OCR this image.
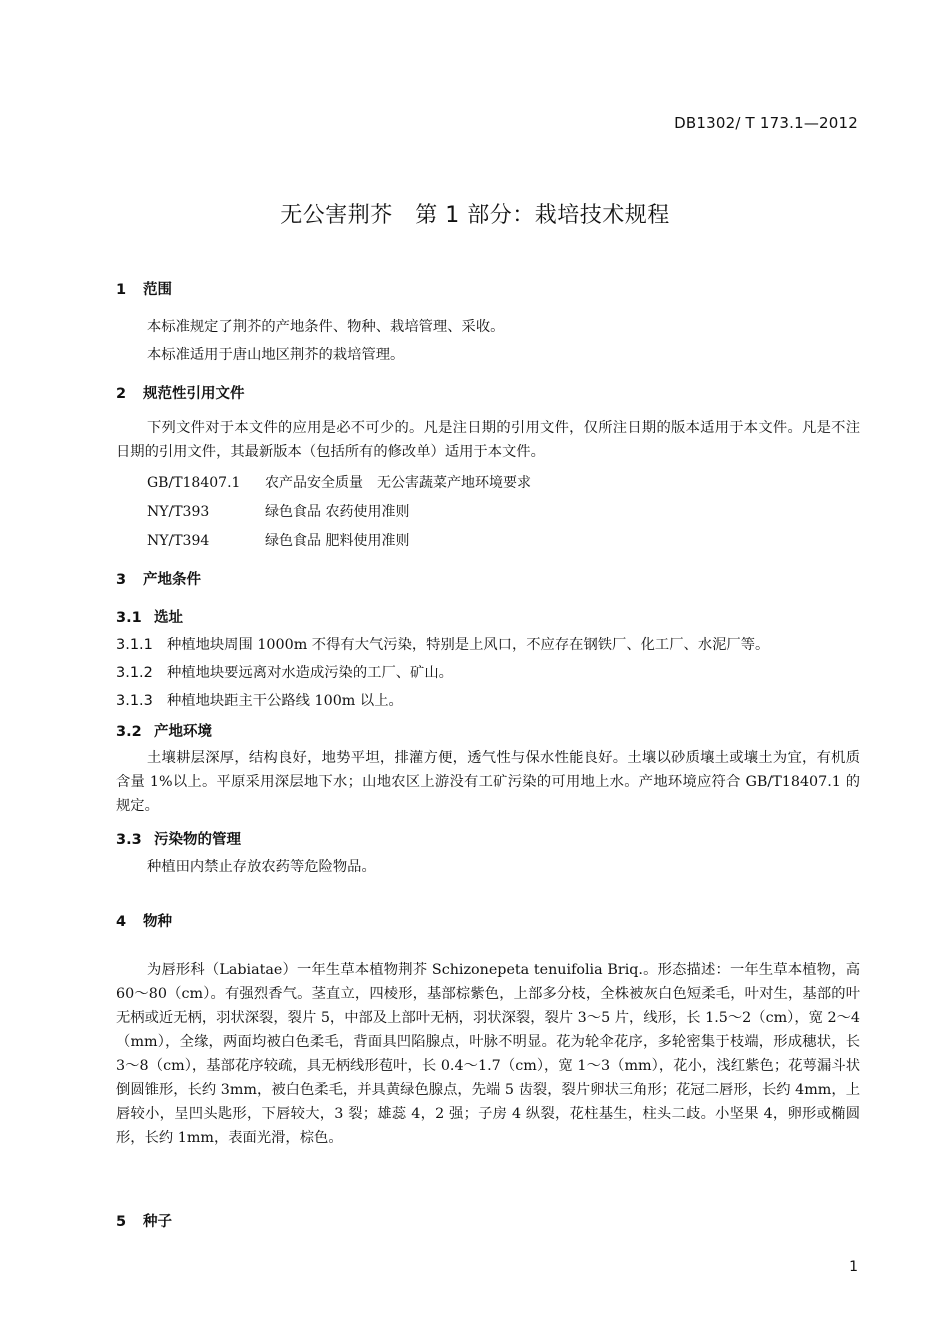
DB1302/ T 173.1—2012
无公害荆芥　第 1 部分：栽培技术规程
1 范围
本标准规定了荆芥的产地条件、物种、栽培管理、采收。
本标准适用于唐山地区荆芥的栽培管理。
2 规范性引用文件
下列文件对于本文件的应用是必不可少的。凡是注日期的引用文件，仅所注日期的版本适用于本文件。凡是不注日期的引用文件，其最新版本（包括所有的修改单）适用于本文件。
GB/T18407.1 农产品安全质量　无公害蔬菜产地环境要求
NY/T393	绿色食品 农药使用准则
NY/T394	绿色食品 肥料使用准则
3 产地条件
3.1 选址
3.1.1 种植地块周围 1000m 不得有大气污染，特别是上风口，不应存在钢铁厂、化工厂、水泥厂等。
3.1.2 种植地块要远离对水造成污染的工厂、矿山。
3.1.3 种植地块距主干公路线 100m 以上。
3.2 产地环境
土壤耕层深厚，结构良好，地势平坦，排灌方便，透气性与保水性能良好。土壤以砂质壤土或壤土为宜，有机质含量 1%以上。平原采用深层地下水；山地农区上游没有工矿污染的可用地上水。产地环境应符合 GB/T18407.1 的规定。
3.3 污染物的管理
种植田内禁止存放农药等危险物品。
4 物种
为唇形科（Labiatae）一年生草本植物荆芥 Schizonepeta tenuifolia Briq.。形态描述：一年生草本植物，高 60～80（cm）。有强烈香气。茎直立，四棱形，基部棕紫色，上部多分枝，全株被灰白色短柔毛，叶对生，基部的叶无柄或近无柄，羽状深裂，裂片 5，中部及上部叶无柄，羽状深裂，裂片 3～5 片，线形，长 1.5～2（cm），宽 2～4（mm），全缘，两面均被白色柔毛，背面具凹陷腺点，叶脉不明显。花为轮伞花序，多轮密集于枝端，形成穗状，长 3～8（cm），基部花序较疏，具无柄线形苞叶，长 0.4～1.7（cm），宽 1～3（mm），花小，浅红紫色；花萼漏斗状倒圆锥形，长约 3mm，被白色柔毛，并具黄绿色腺点，先端 5 齿裂，裂片卵状三角形；花冠二唇形，长约 4mm，上唇较小，呈凹头匙形，下唇较大，3 裂；雄蕊 4，2 强；子房 4 纵裂，花柱基生，柱头二歧。小坚果 4，卵形或椭圆形，长约 1mm，表面光滑，棕色。
5 种子
1
